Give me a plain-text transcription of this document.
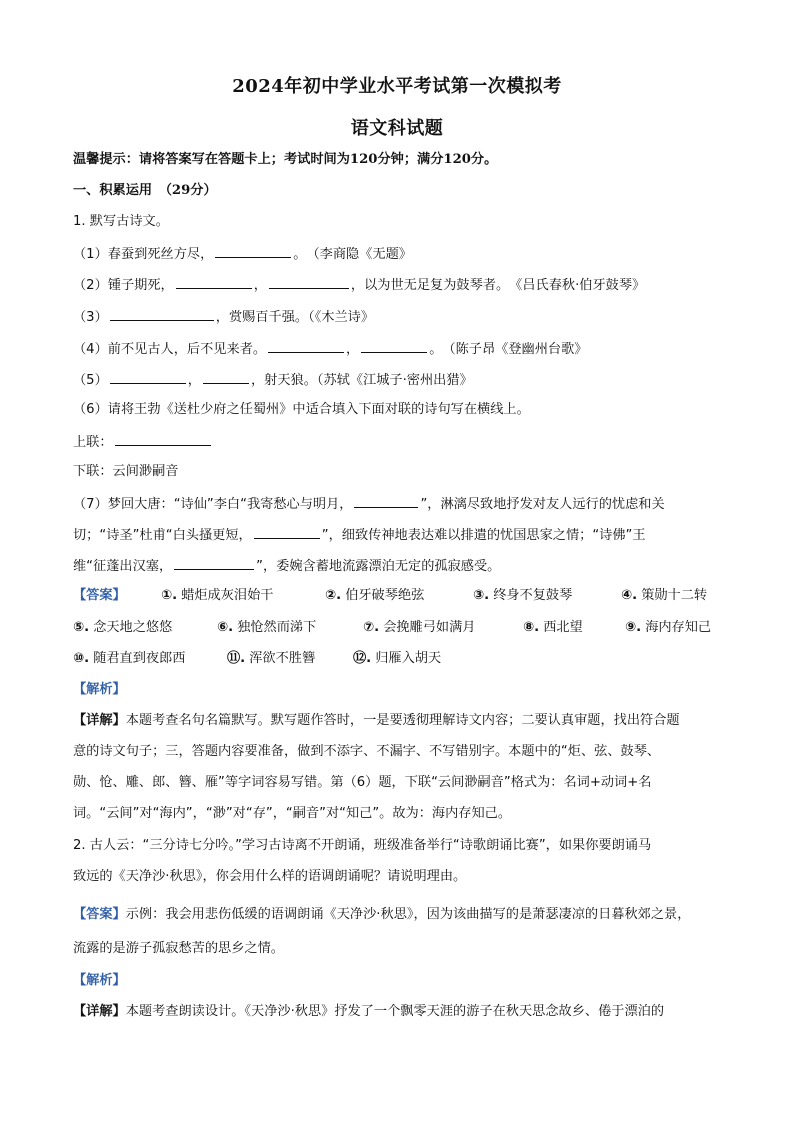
2024年初中学业水平考试第一次模拟考
语文科试题
温馨提示：请将答案写在答题卡上；考试时间为120分钟；满分120分。
一、积累运用　（29分）
1. 默写古诗文。
（1）春蚕到死丝方尽，	。　（李商隐《无题》
（2）锺子期死，	，	，以为世无足复为鼓琴者。　《吕氏春秋·伯牙鼓琴》
（3）	，赏赐百千强。（《木兰诗》
（4）前不见古人，后不见来者。	，	。　（陈子昂《登幽州台歌》
（5）	，	，射天狼。（苏轼《江城子·密州出猎》
（6）请将王勃《送杜少府之任蜀州》中适合填入下面对联的诗句写在横线上。
上联：
下联：云间渺嗣音
（7）梦回大唐：“诗仙”李白“我寄愁心与明月，	”，淋漓尽致地抒发对友人远行的忧虑和关
切；“诗圣”杜甫“白头搔更短，	”，细致传神地表达难以排遣的忧国思家之情；“诗佛”王
维“征蓬出汉塞，	”，委婉含蓄地流露漂泊无定的孤寂感受。
【答案】	①. 蜡炬成灰泪始干	②. 伯牙破琴绝弦	③. 终身不复鼓琴	④. 策勋十二转
⑤. 念天地之悠悠	⑥. 独怆然而涕下	⑦. 会挽雕弓如满月	⑧. 西北望	⑨. 海内存知己
⑩. 随君直到夜郎西	⑪. 浑欲不胜簪	⑫. 归雁入胡天
【解析】
【详解】本题考查名句名篇默写。默写题作答时，一是要透彻理解诗文内容；二要认真审题，找出符合题
意的诗文句子；三，答题内容要准备，做到不添字、不漏字、不写错别字。本题中的“炬、弦、鼓琴、
勋、怆、雕、郎、簪、雁”等字词容易写错。第（6）题，下联“云间渺嗣音”格式为：名词+动词+名
词。“云间”对“海内”，“渺”对“存”，“嗣音”对“知己”。故为：海内存知己。
2. 古人云：“三分诗七分吟。”学习古诗离不开朗诵，班级准备举行“诗歌朗诵比赛”，如果你要朗诵马
致远的《天净沙·秋思》，你会用什么样的语调朗诵呢？请说明理由。
【答案】示例：我会用悲伤低缓的语调朗诵《天净沙·秋思》，因为该曲描写的是萧瑟凄凉的日暮秋郊之景，
流露的是游子孤寂愁苦的思乡之情。
【解析】
【详解】本题考查朗读设计。《天净沙·秋思》抒发了一个飘零天涯的游子在秋天思念故乡、倦于漂泊的
